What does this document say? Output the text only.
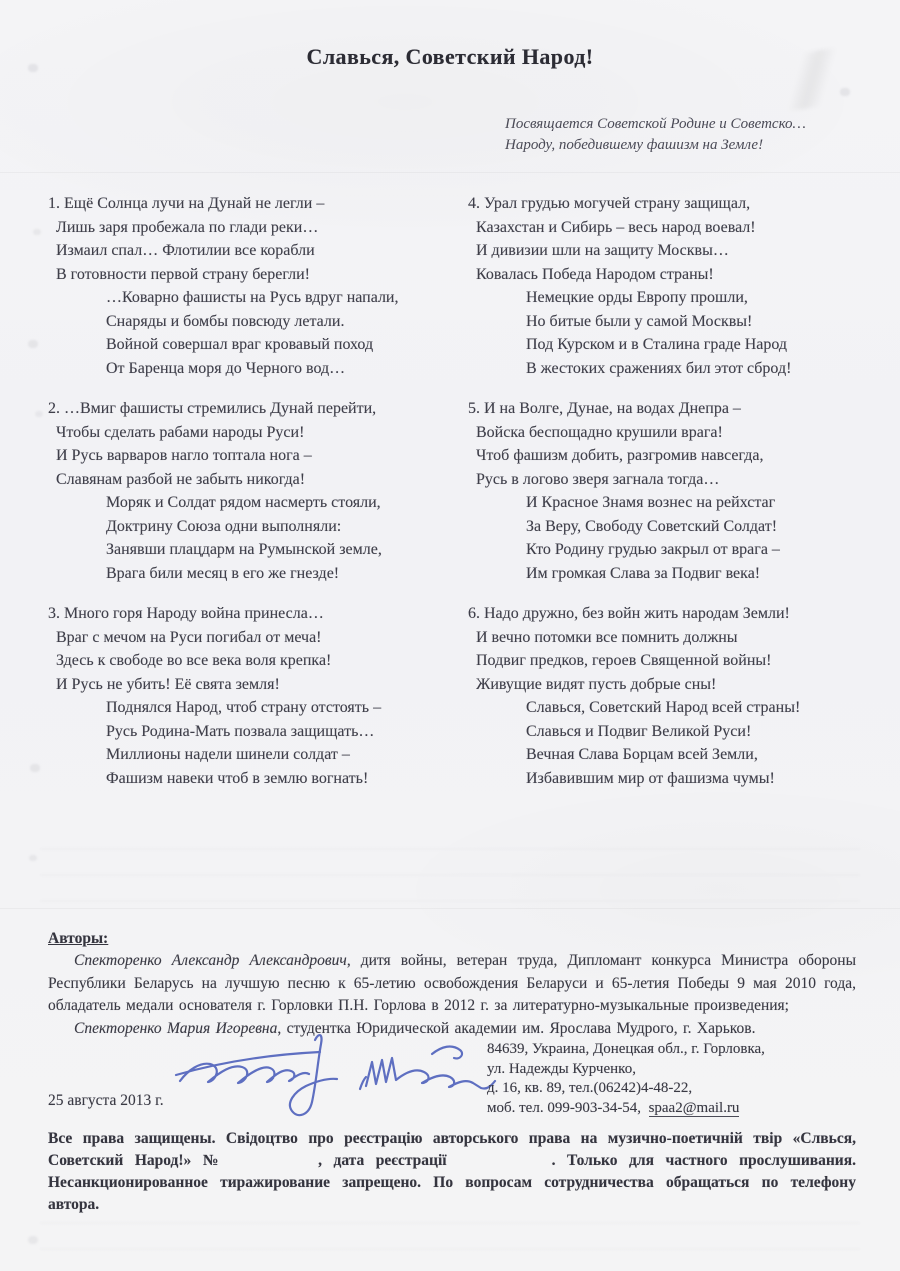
Славься, Советский Народ!
Посвящается Советской Родине и Советско…
Народу, победившему фашизм на Земле!
1. Ещё Солнца лучи на Дунай не легли –
Лишь заря пробежала по глади реки…
Измаил спал… Флотилии все корабли
В готовности первой страну берегли!
…Коварно фашисты на Русь вдруг напали,
Снаряды и бомбы повсюду летали.
Войной совершал враг кровавый поход
От Баренца моря до Черного вод…
2. …Вмиг фашисты стремились Дунай перейти,
Чтобы сделать рабами народы Руси!
И Русь варваров нагло топтала нога –
Славянам разбой не забыть никогда!
Моряк и Солдат рядом насмерть стояли,
Доктрину Союза одни выполняли:
Занявши плацдарм на Румынской земле,
Врага били месяц в его же гнезде!
3. Много горя Народу война принесла…
Враг с мечом на Руси погибал от меча!
Здесь к свободе во все века воля крепка!
И Русь не убить! Её свята земля!
Поднялся Народ, чтоб страну отстоять –
Русь Родина-Мать позвала защищать…
Миллионы надели шинели солдат –
Фашизм навеки чтоб в землю вогнать!
4. Урал грудью могучей страну защищал,
Казахстан и Сибирь – весь народ воевал!
И дивизии шли на защиту Москвы…
Ковалась Победа Народом страны!
Немецкие орды Европу прошли,
Но битые были у самой Москвы!
Под Курском и в Сталина граде Народ
В жестоких сражениях бил этот сброд!
5. И на Волге, Дунае, на водах Днепра –
Войска беспощадно крушили врага!
Чтоб фашизм добить, разгромив навсегда,
Русь в логово зверя загнала тогда…
И Красное Знамя вознес на рейхстаг
За Веру, Свободу Советский Солдат!
Кто Родину грудью закрыл от врага –
Им громкая Слава за Подвиг века!
6. Надо дружно, без войн жить народам Земли!
И вечно потомки все помнить должны
Подвиг предков, героев Священной войны!
Живущие видят пусть добрые сны!
Славься, Советский Народ всей страны!
Славься и Подвиг Великой Руси!
Вечная Слава Борцам всей Земли,
Избавившим мир от фашизма чумы!
Авторы:

Спекторенко Александр Александрович, дитя войны, ветеран труда, Дипломант конкурса Министра обороны Республики Беларусь на лучшую песню к 65-летию освобождения Беларуси и 65-летия Победы 9 мая 2010 года, обладатель медали основателя г. Горловки П.Н. Горлова в 2012 г. за литературно-музыкальные произведения;

Спекторенко Мария Игоревна, студентка Юридической академии им. Ярослава Мудрого, г. Харьков.

84639, Украина, Донецкая обл., г. Горловка,
ул. Надежды Курченко,
д. 16, кв. 89, тел.(06242)4-48-22,
моб. тел. 099-903-34-54, spaa2@mail.ru
25 августа 2013 г.
Все права защищены. Свідоцтво про реєстрацію авторського права на музично-поетичній твір «Слвься, Советский Народ!» №	, дата реєстрації	. Только для частного прослушивания. Несанкционированное тиражирование запрещено. По вопросам сотрудничества обращаться по телефону автора.
